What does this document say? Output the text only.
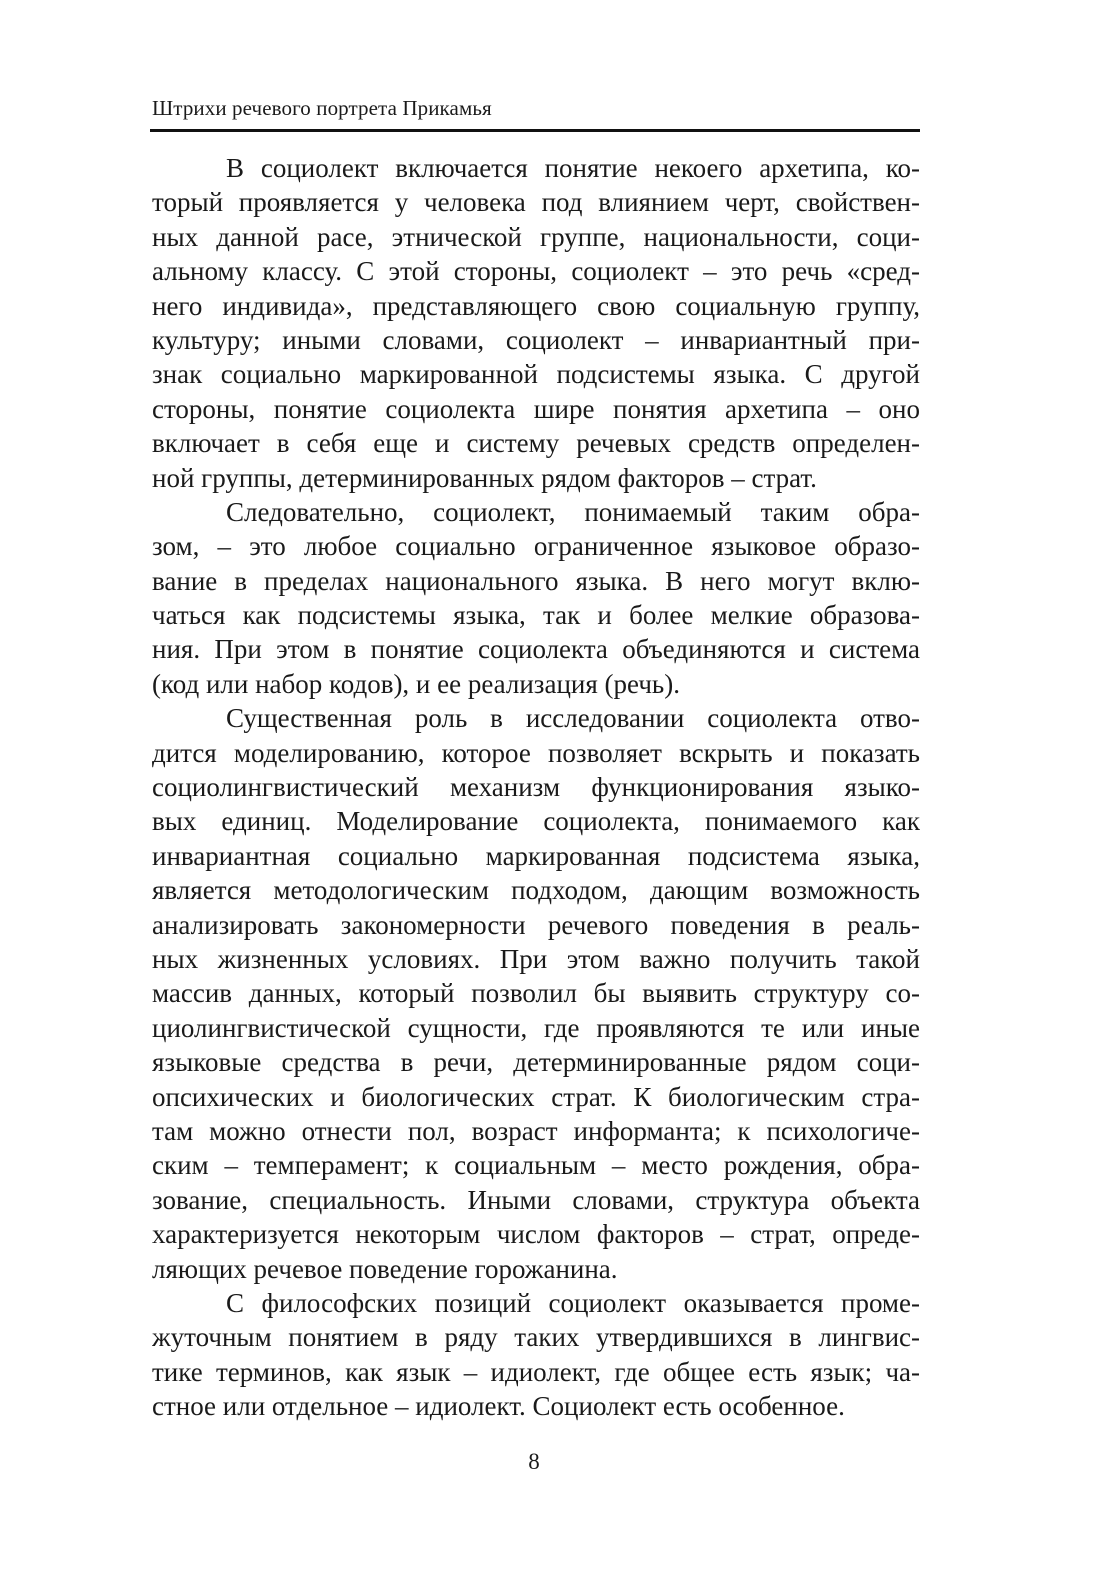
Штрихи речевого портрета Прикамья
В социолект включается понятие некоего архетипа, ко-
торый проявляется у человека под влиянием черт, свойствен-
ных данной расе, этнической группе, национальности, соци-
альному классу. С этой стороны, социолект – это речь «сред-
него индивида», представляющего свою социальную группу,
культуру; иными словами, социолект – инвариантный при-
знак социально маркированной подсистемы языка. С другой
стороны, понятие социолекта шире понятия архетипа – оно
включает в себя еще и систему речевых средств определен-
ной группы, детерминированных рядом факторов – страт.
Следовательно, социолект, понимаемый таким обра-
зом, – это любое социально ограниченное языковое образо-
вание в пределах национального языка. В него могут вклю-
чаться как подсистемы языка, так и более мелкие образова-
ния. При этом в понятие социолекта объединяются и система
(код или набор кодов), и ее реализация (речь).
Существенная роль в исследовании социолекта отво-
дится моделированию, которое позволяет вскрыть и показать
социолингвистический механизм функционирования языко-
вых единиц. Моделирование социолекта, понимаемого как
инвариантная социально маркированная подсистема языка,
является методологическим подходом, дающим возможность
анализировать закономерности речевого поведения в реаль-
ных жизненных условиях. При этом важно получить такой
массив данных, который позволил бы выявить структуру со-
циолингвистической сущности, где проявляются те или иные
языковые средства в речи, детерминированные рядом соци-
опсихических и биологических страт. К биологическим стра-
там можно отнести пол, возраст информанта; к психологиче-
ским – темперамент; к социальным – место рождения, обра-
зование, специальность. Иными словами, структура объекта
характеризуется некоторым числом факторов – страт, опреде-
ляющих речевое поведение горожанина.
С философских позиций социолект оказывается проме-
жуточным понятием в ряду таких утвердившихся в лингвис-
тике терминов, как язык – идиолект, где общее есть язык; ча-
стное или отдельное – идиолект. Социолект есть особенное.
8
